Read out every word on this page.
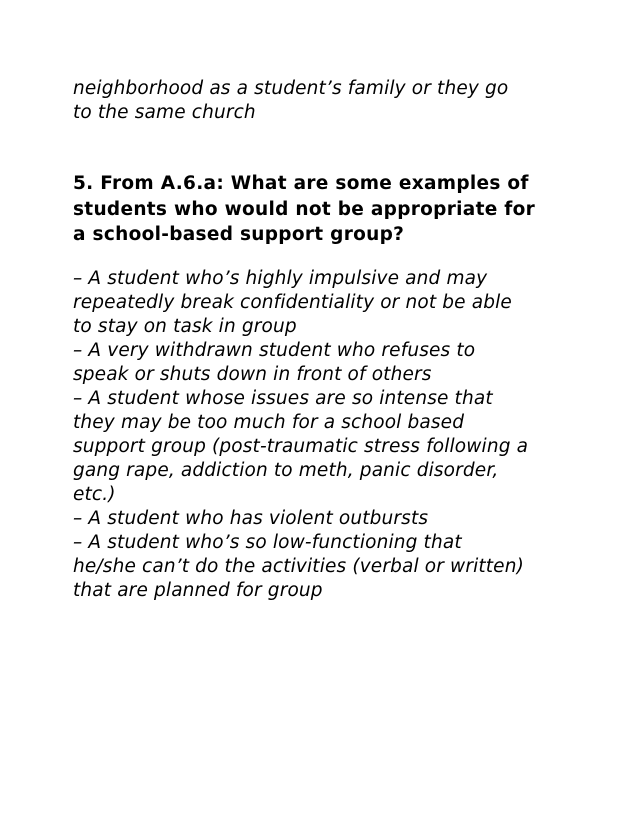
neighborhood as a student’s family or they go
to the same church
5. From A.6.a: What are some examples of
students who would not be appropriate for
a school-based support group?
– A student who’s highly impulsive and may
repeatedly break confidentiality or not be able
to stay on task in group
– A very withdrawn student who refuses to
speak or shuts down in front of others
– A student whose issues are so intense that
they may be too much for a school based
support group (post-traumatic stress following a
gang rape, addiction to meth, panic disorder,
etc.)
– A student who has violent outbursts
– A student who’s so low-functioning that
he/she can’t do the activities (verbal or written)
that are planned for group
